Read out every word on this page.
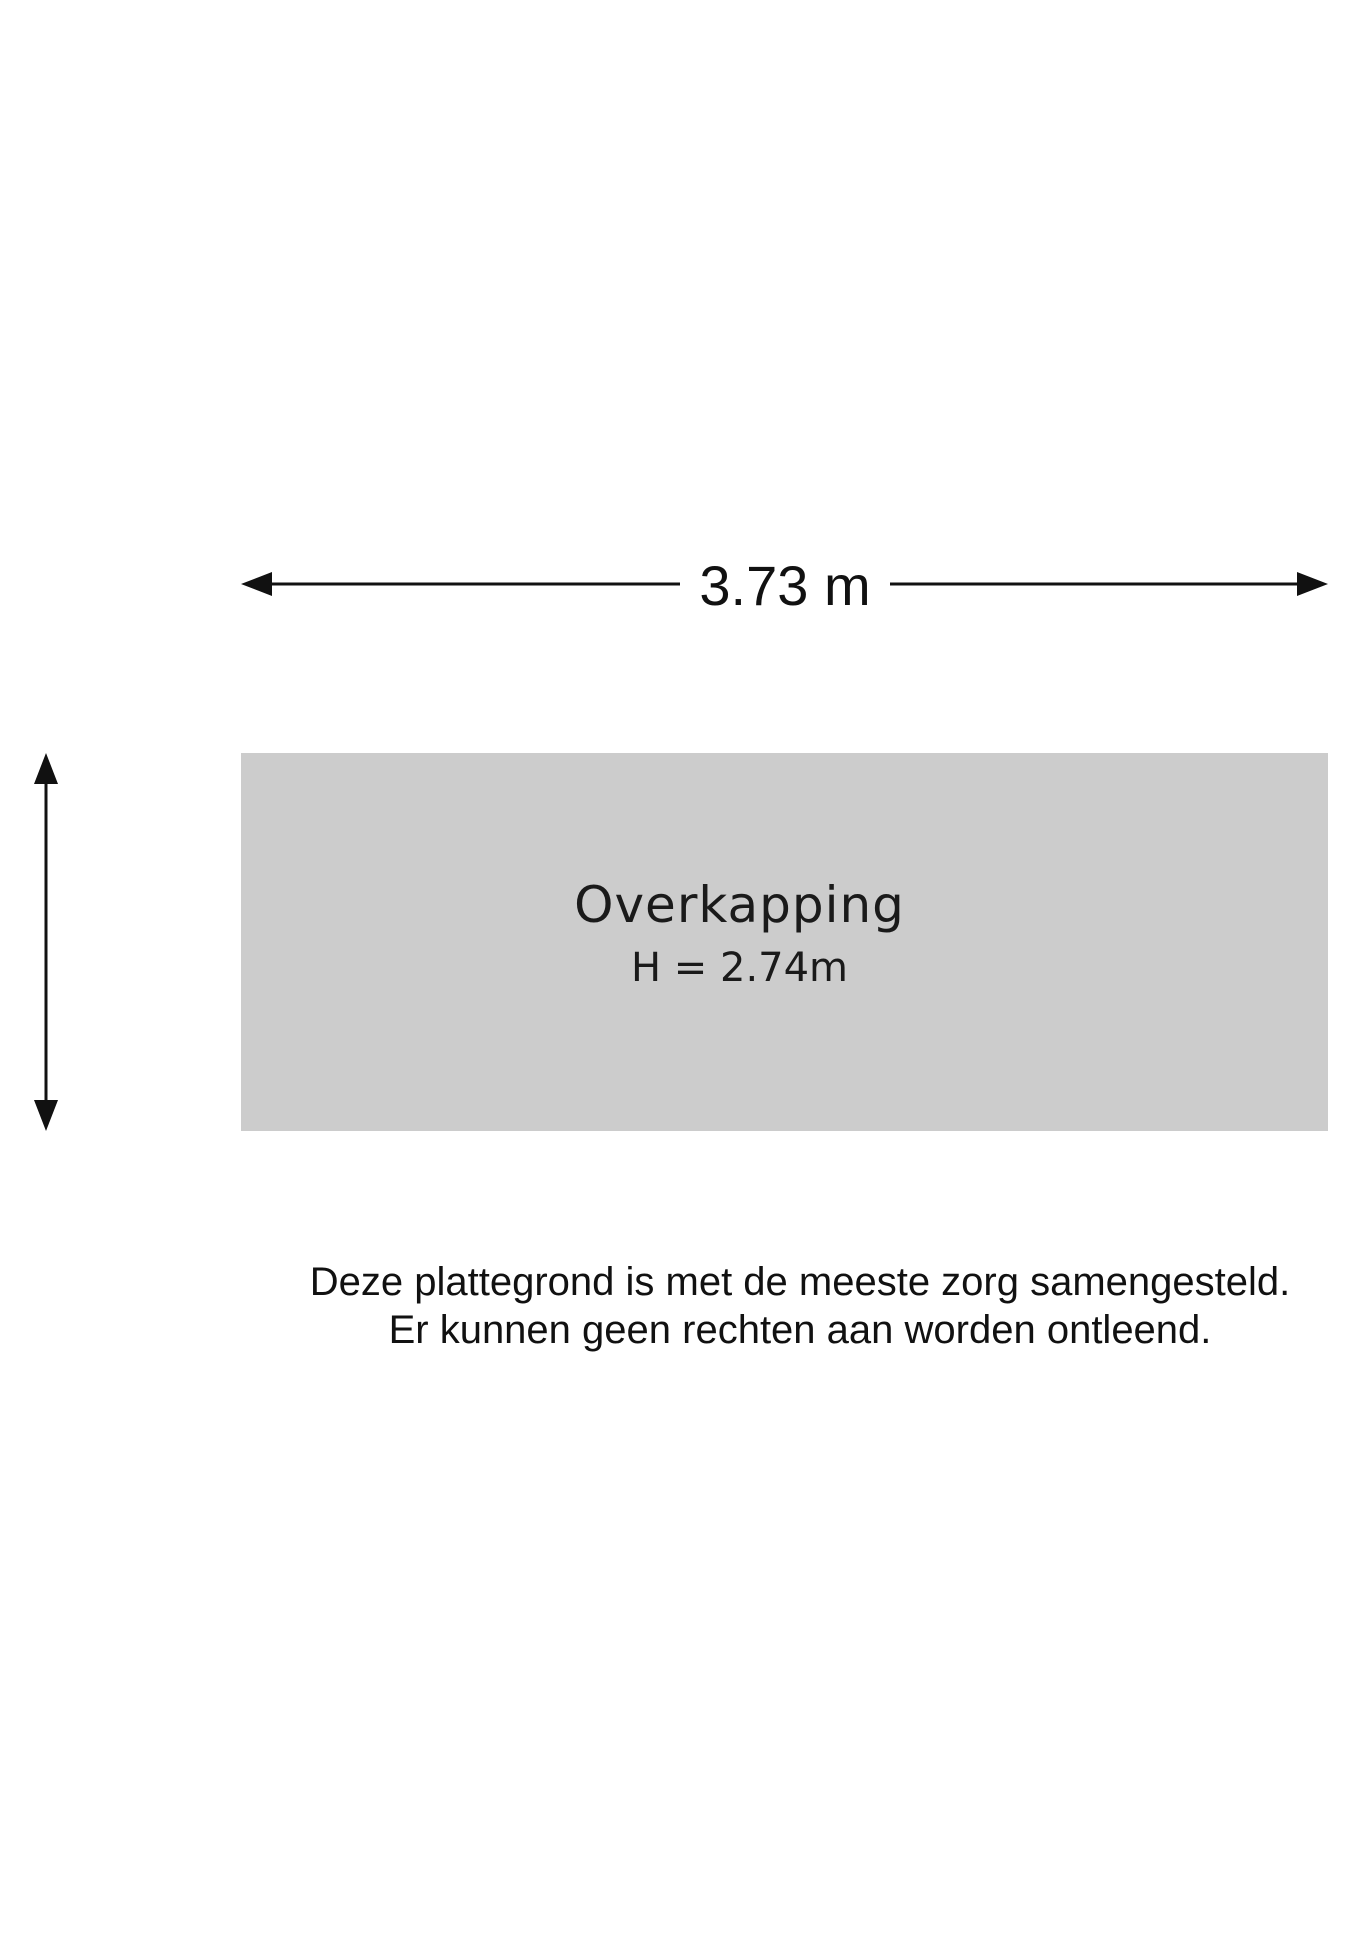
3.73 m
Overkapping
H = 2.74m
Deze plattegrond is met de meeste zorg samengesteld.
Er kunnen geen rechten aan worden ontleend.
